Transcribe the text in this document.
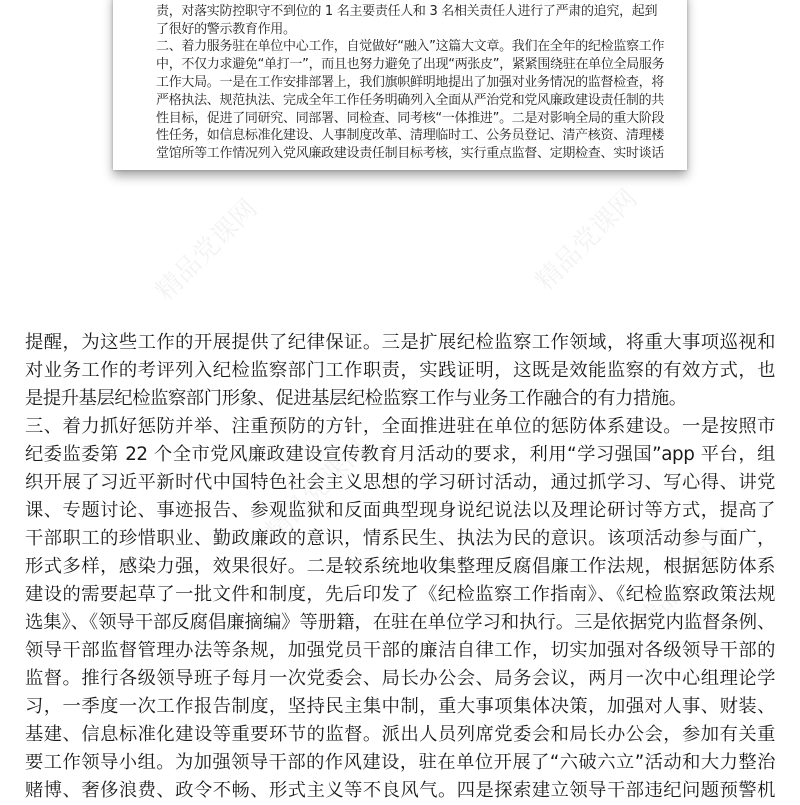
精品党课网	精品党课网
精品党课网
精品党课网
责，对落实防控职守不到位的 1 名主要责任人和 3 名相关责任人进行了严肃的追究，起到
了很好的警示教育作用。
二、着力服务驻在单位中心工作，自觉做好“融入”这篇大文章。我们在全年的纪检监察工作
中，不仅力求避免“单打一”，而且也努力避免了出现“两张皮”，紧紧围绕驻在单位全局服务
工作大局。一是在工作安排部署上，我们旗帜鲜明地提出了加强对业务情况的监督检查，将
严格执法、规范执法、完成全年工作任务明确列入全面从严治党和党风廉政建设责任制的共
性目标，促进了同研究、同部署、同检查、同考核“一体推进”。二是对影响全局的重大阶段
性任务，如信息标准化建设、人事制度改革、清理临时工、公务员登记、清产核资、清理楼
堂馆所等工作情况列入党风廉政建设责任制目标考核，实行重点监督、定期检查、实时谈话
提醒，为这些工作的开展提供了纪律保证。三是扩展纪检监察工作领域，将重大事项巡视和
对业务工作的考评列入纪检监察部门工作职责，实践证明，这既是效能监察的有效方式，也
是提升基层纪检监察部门形象、促进基层纪检监察工作与业务工作融合的有力措施。
三、着力抓好惩防并举、注重预防的方针，全面推进驻在单位的惩防体系建设。一是按照市
纪委监委第 22 个全市党风廉政建设宣传教育月活动的要求，利用“学习强国”app 平台，组
织开展了习近平新时代中国特色社会主义思想的学习研讨活动，通过抓学习、写心得、讲党
课、专题讨论、事迹报告、参观监狱和反面典型现身说纪说法以及理论研讨等方式，提高了
干部职工的珍惜职业、勤政廉政的意识，情系民生、执法为民的意识。该项活动参与面广，
形式多样，感染力强，效果很好。二是较系统地收集整理反腐倡廉工作法规，根据惩防体系
建设的需要起草了一批文件和制度，先后印发了《纪检监察工作指南》、《纪检监察政策法规
选集》、《领导干部反腐倡廉摘编》等册籍，在驻在单位学习和执行。三是依据党内监督条例、
领导干部监督管理办法等条规，加强党员干部的廉洁自律工作，切实加强对各级领导干部的
监督。推行各级领导班子每月一次党委会、局长办公会、局务会议，两月一次中心组理论学
习，一季度一次工作报告制度，坚持民主集中制，重大事项集体决策，加强对人事、财装、
基建、信息标准化建设等重要环节的监督。派出人员列席党委会和局长办公会，参加有关重
要工作领导小组。为加强领导干部的作风建设，驻在单位开展了“六破六立”活动和大力整治
赌博、奢侈浪费、政令不畅、形式主义等不良风气。四是探索建立领导干部违纪问题预警机
